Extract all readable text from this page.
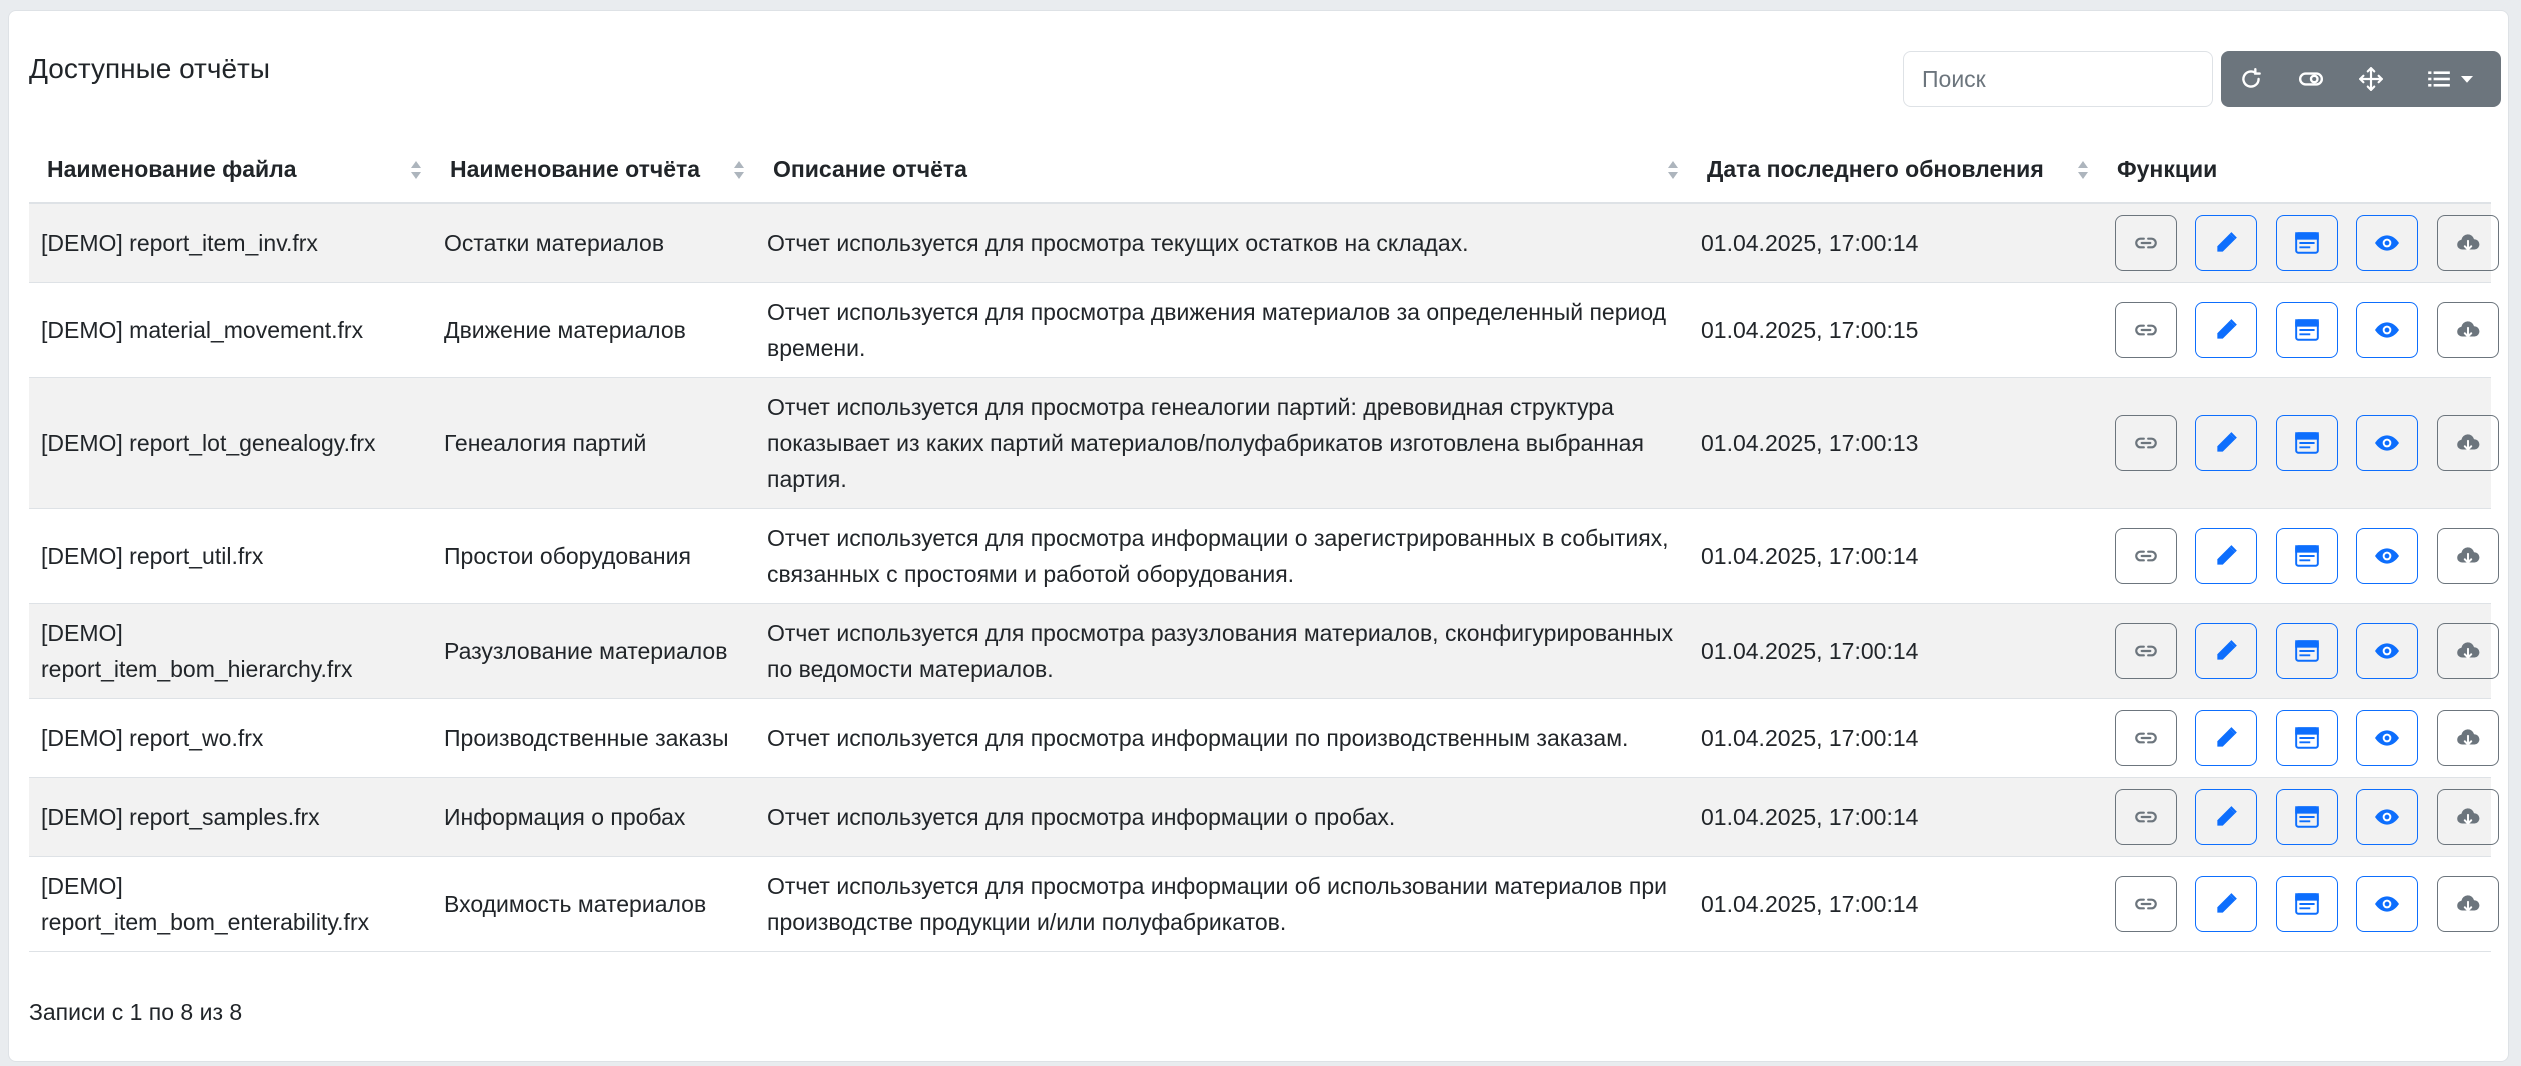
Доступные отчёты
Поиск
Наименование файла	Наименование отчёта	Описание отчёта	Дата последнего обновления	Функции
[DEMO] report_item_inv.frx	Остатки материалов	Отчет используется для просмотра текущих остатков на складах.	01.04.2025, 17:00:14	

[DEMO] material_movement.frx	Движение материалов	Отчет используется для просмотра движения материалов за определенный период времени.	01.04.2025, 17:00:15	

[DEMO] report_lot_genealogy.frx	Генеалогия партий	Отчет используется для просмотра генеалогии партий: древовидная структура показывает из каких партий материалов/полуфабрикатов изготовлена выбранная партия.	01.04.2025, 17:00:13	

[DEMO] report_util.frx	Простои оборудования	Отчет используется для просмотра информации о зарегистрированных в событиях, связанных с простоями и работой оборудования.	01.04.2025, 17:00:14	

[DEMO] report_item_bom_hierarchy.frx	Разузлование материалов	Отчет используется для просмотра разузлования материалов, сконфигурированных по ведомости материалов.	01.04.2025, 17:00:14	

[DEMO] report_wo.frx	Производственные заказы	Отчет используется для просмотра информации по производственным заказам.	01.04.2025, 17:00:14	

[DEMO] report_samples.frx	Информация о пробах	Отчет используется для просмотра информации о пробах.	01.04.2025, 17:00:14	

[DEMO] report_item_bom_enterability.frx	Входимость материалов	Отчет используется для просмотра информации об использовании материалов при производстве продукции и/или полуфабрикатов.	01.04.2025, 17:00:14	

Записи с 1 по 8 из 8
